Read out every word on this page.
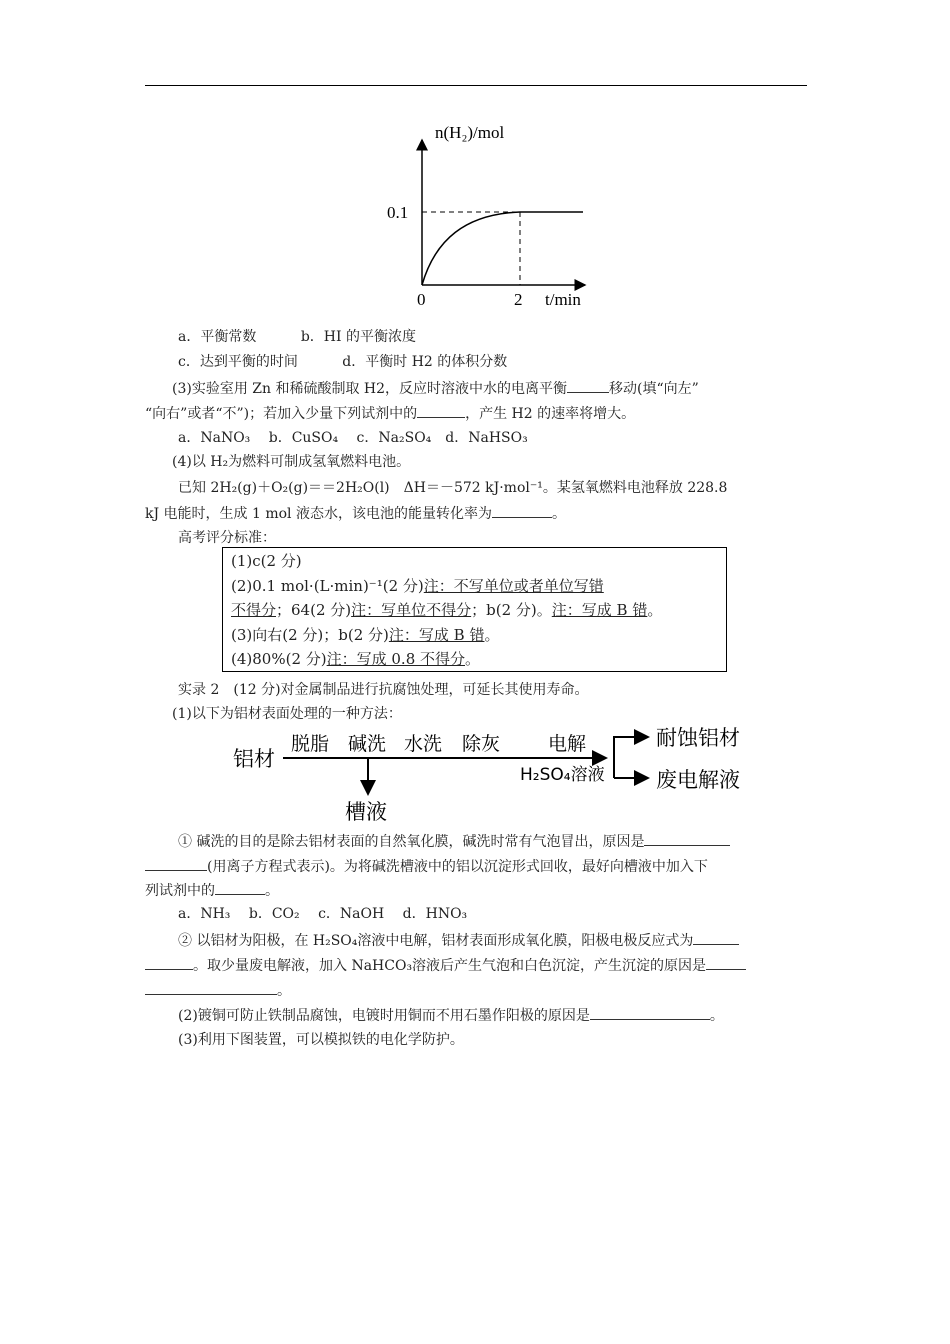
n(H₂)/mol
0.1
0	2 t/min
a．平衡常数	b．HI 的平衡浓度
c．达到平衡的时间	d．平衡时 H2 的体积分数
(3)实验室用 Zn 和稀硫酸制取 H2，反应时溶液中水的电离平衡	移动(填“向左”
“向右”或者“不”)；若加入少量下列试剂中的	，产生 H2 的速率将增大。
a．NaNO₃　 b．CuSO₄　 c．Na₂SO₄　d．NaHSO₃
(4)以 H₂为燃料可制成氢氧燃料电池。
已知 2H₂(g)＋O₂(g)＝＝2H₂O(l)　ΔH＝－572 kJ·mol⁻¹。某氢氧燃料电池释放 228.8
kJ 电能时，生成 1 mol 液态水，该电池的能量转化率为	。
高考评分标准：
(1)c(2 分)
(2)0.1 mol·(L·min)⁻¹(2 分)注：不写单位或者单位写错
不得分；64(2 分)注：写单位不得分；b(2 分)。注：写成 B 错。
(3)向右(2 分)；b(2 分)注：写成 B 错。
(4)80%(2 分)注：写成 0.8 不得分。
实录 2　(12 分)对金属制品进行抗腐蚀处理，可延长其使用寿命。
(1)以下为铝材表面处理的一种方法：
铝材
脱脂 碱洗 水洗 除灰
槽液
电解
H₂SO₄溶液
耐蚀铝材
废电解液
① 碱洗的目的是除去铝材表面的自然氧化膜，碱洗时常有气泡冒出，原因是
(用离子方程式表示)。为将碱洗槽液中的铝以沉淀形式回收，最好向槽液中加入下
列试剂中的	。
a．NH₃　 b．CO₂　 c．NaOH　 d．HNO₃
② 以铝材为阳极，在 H₂SO₄溶液中电解，铝材表面形成氧化膜，阳极电极反应式为
。取少量废电解液，加入 NaHCO₃溶液后产生气泡和白色沉淀，产生沉淀的原因是
。
(2)镀铜可防止铁制品腐蚀，电镀时用铜而不用石墨作阳极的原因是	。
(3)利用下图装置，可以模拟铁的电化学防护。
